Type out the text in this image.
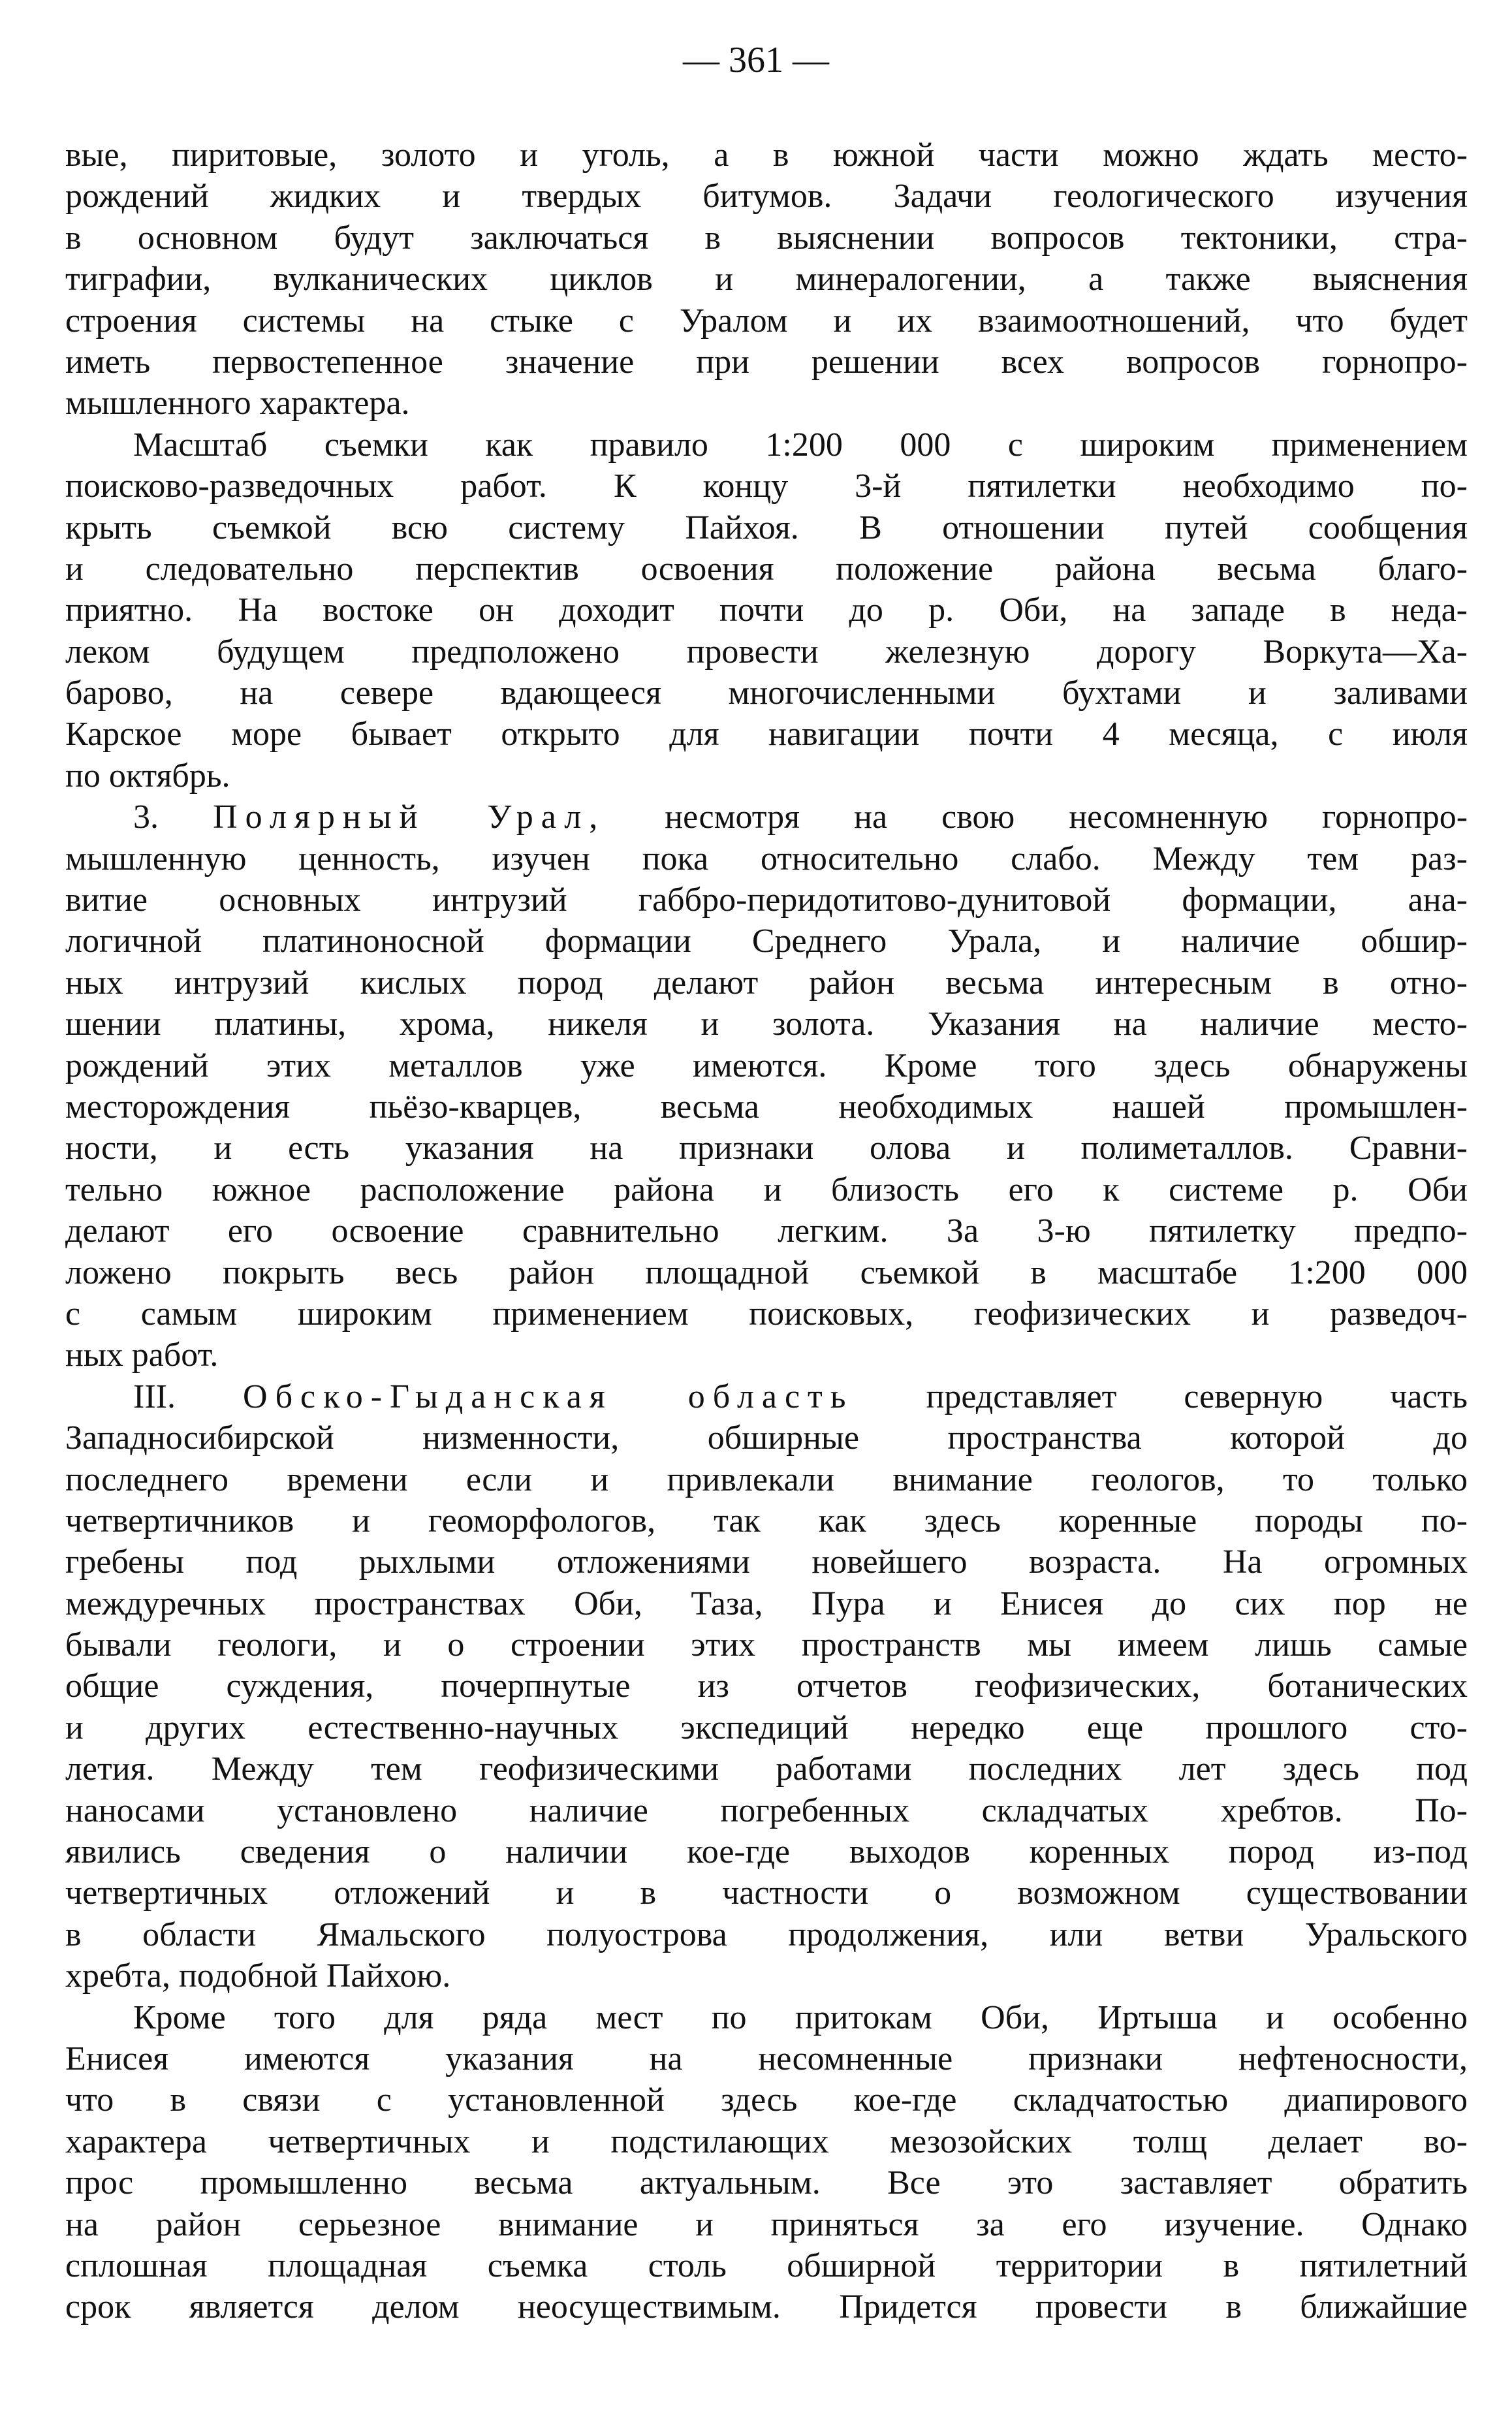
— 361 —
вые, пиритовые, золото и уголь, а в южной части можно ждать место-
рождений жидких и твердых битумов. Задачи геологического изучения
в основном будут заключаться в выяснении вопросов тектоники, стра-
тиграфии, вулканических циклов и минералогении, а также выяснения
строения системы на стыке с Уралом и их взаимоотношений, что будет
иметь первостепенное значение при решении всех вопросов горнопро-
мышленного характера.
Масштаб съемки как правило 1:200 000 с широким применением
поисково-разведочных работ. К концу 3-й пятилетки необходимо по-
крыть съемкой всю систему Пайхоя. В отношении путей сообщения
и следовательно перспектив освоения положение района весьма благо-
приятно. На востоке он доходит почти до р. Оби, на западе в неда-
леком будущем предположено провести железную дорогу Воркута—Ха-
барово, на севере вдающееся многочисленными бухтами и заливами
Карское море бывает открыто для навигации почти 4 месяца, с июля
по октябрь.
3. Полярный Урал, несмотря на свою несомненную горнопро-
мышленную ценность, изучен пока относительно слабо. Между тем раз-
витие основных интрузий габбро-перидотитово-дунитовой формации, ана-
логичной платиноносной формации Среднего Урала, и наличие обшир-
ных интрузий кислых пород делают район весьма интересным в отно-
шении платины, хрома, никеля и золота. Указания на наличие место-
рождений этих металлов уже имеются. Кроме того здесь обнаружены
месторождения пьёзо-кварцев, весьма необходимых нашей промышлен-
ности, и есть указания на признаки олова и полиметаллов. Сравни-
тельно южное расположение района и близость его к системе р. Оби
делают его освоение сравнительно легким. За 3-ю пятилетку предпо-
ложено покрыть весь район площадной съемкой в масштабе 1:200 000
с самым широким применением поисковых, геофизических и разведоч-
ных работ.
III. Обско-Гыданская область представляет северную часть
Западносибирской низменности, обширные пространства которой до
последнего времени если и привлекали внимание геологов, то только
четвертичников и геоморфологов, так как здесь коренные породы по-
гребены под рыхлыми отложениями новейшего возраста. На огромных
междуречных пространствах Оби, Таза, Пура и Енисея до сих пор не
бывали геологи, и о строении этих пространств мы имеем лишь самые
общие суждения, почерпнутые из отчетов геофизических, ботанических
и других естественно-научных экспедиций нередко еще прошлого сто-
летия. Между тем геофизическими работами последних лет здесь под
наносами установлено наличие погребенных складчатых хребтов. По-
явились сведения о наличии кое-где выходов коренных пород из-под
четвертичных отложений и в частности о возможном существовании
в области Ямальского полуострова продолжения, или ветви Уральского
хребта, подобной Пайхою.
Кроме того для ряда мест по притокам Оби, Иртыша и особенно
Енисея имеются указания на несомненные признаки нефтеносности,
что в связи с установленной здесь кое-где складчатостью диапирового
характера четвертичных и подстилающих мезозойских толщ делает во-
прос промышленно весьма актуальным. Все это заставляет обратить
на район серьезное внимание и приняться за его изучение. Однако
сплошная площадная съемка столь обширной территории в пятилетний
срок является делом неосуществимым. Придется провести в ближайшие
